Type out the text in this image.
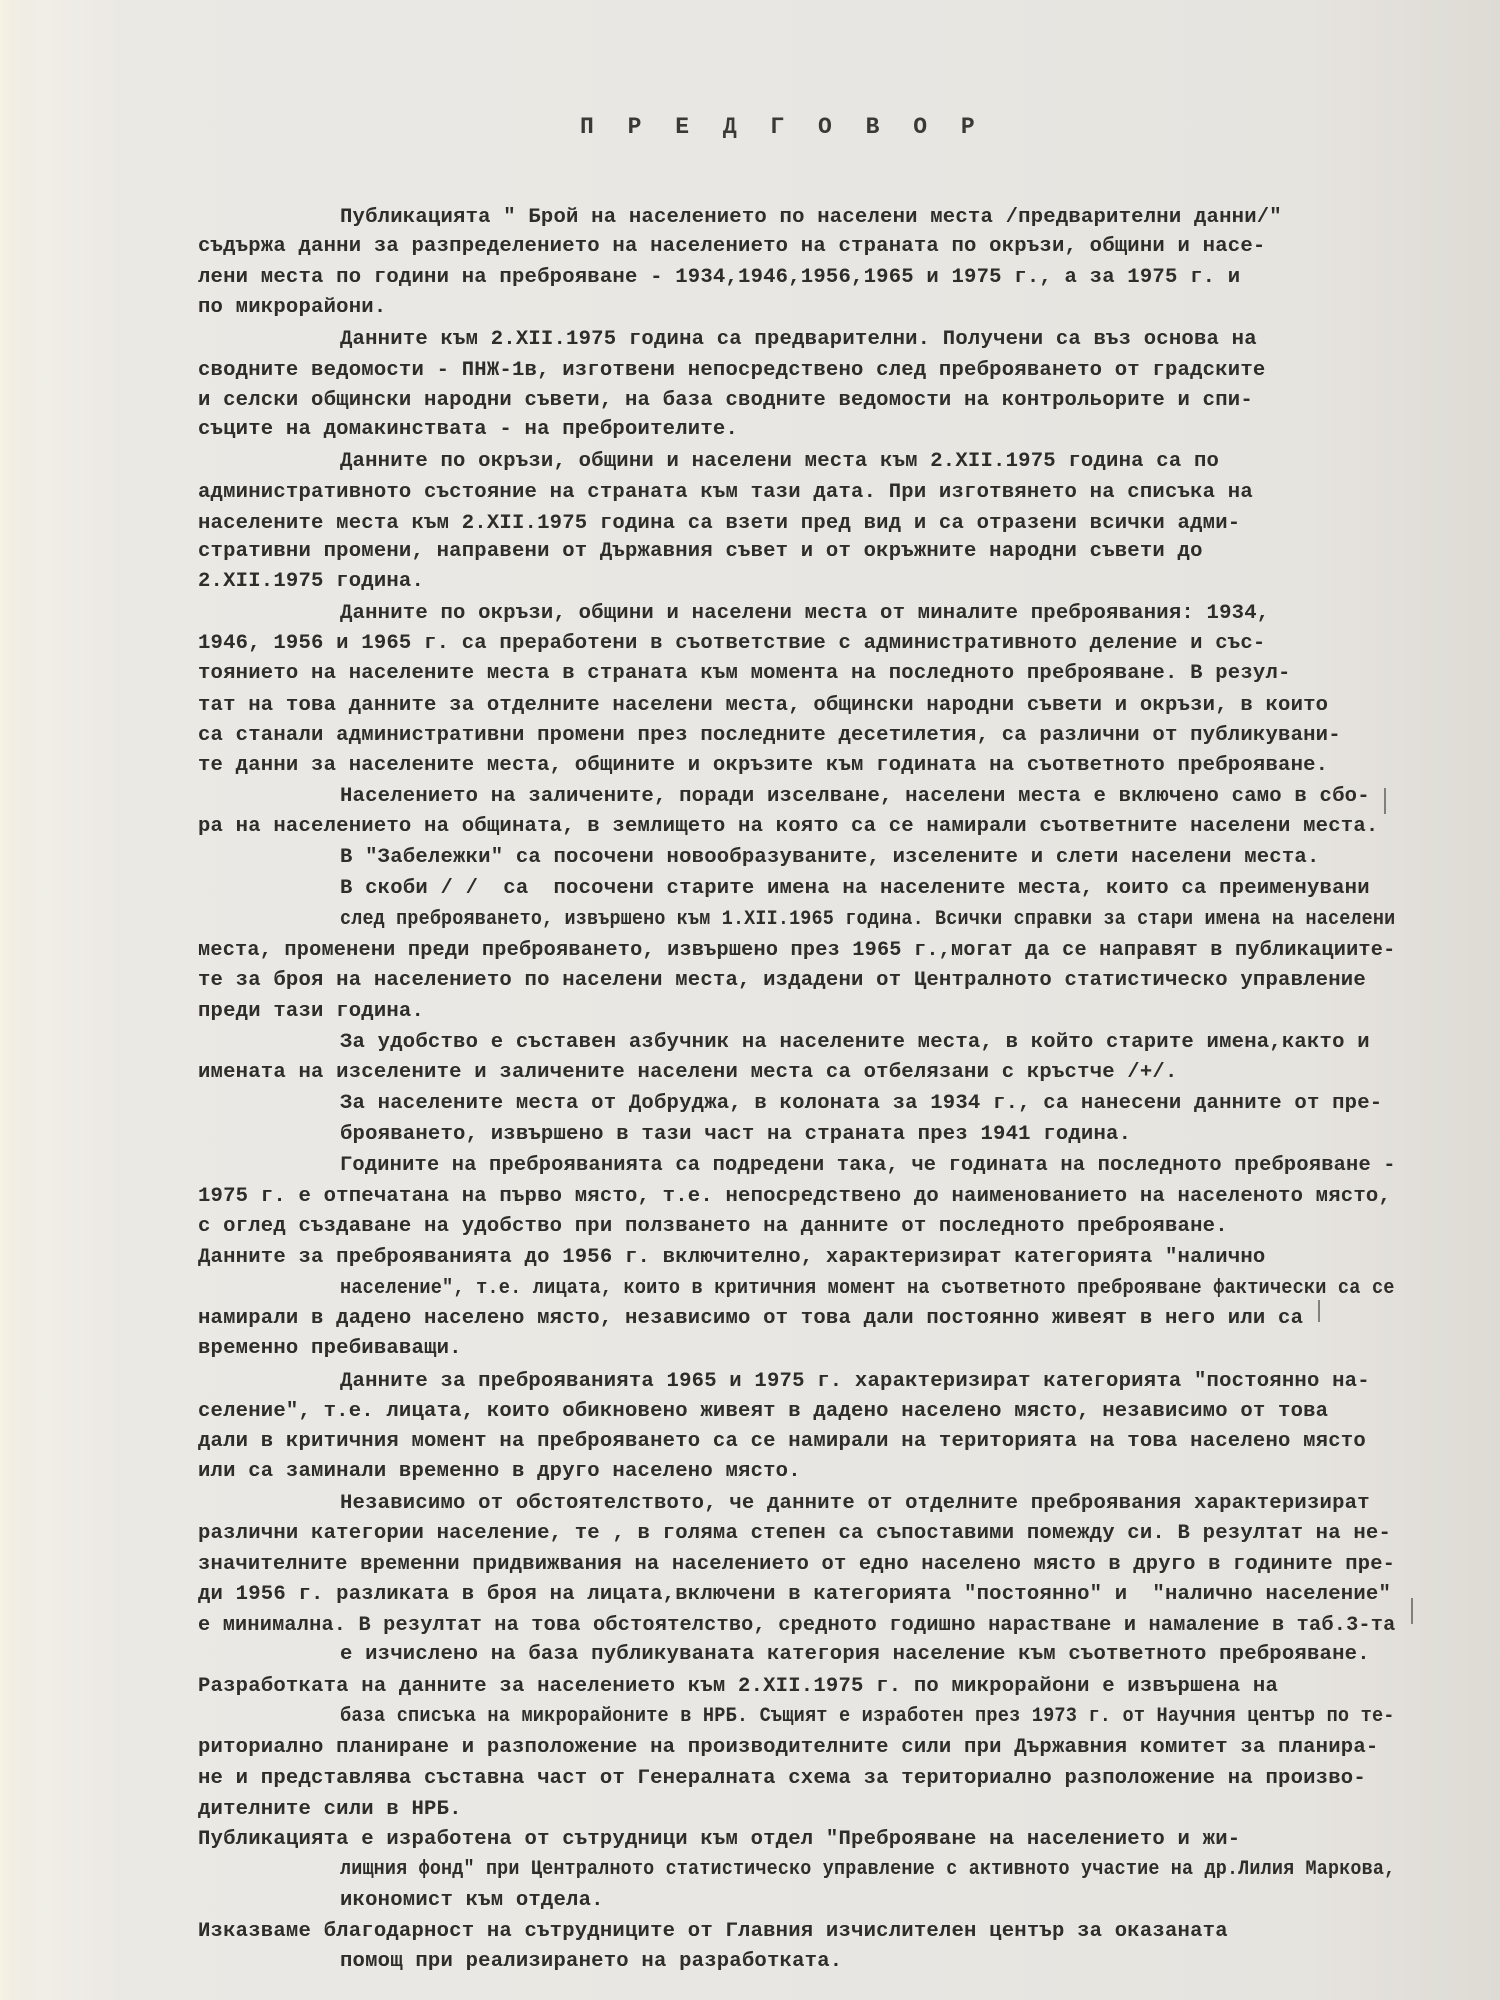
П Р Е Д Г О В О Р
Публикацията " Брой на населението по населени места /предварителни данни/"
съдържа данни за разпределението на населението на страната по окръзи, общини и насе-
лени места по години на преброяване - 1934,1946,1956,1965 и 1975 г., а за 1975 г. и
по микрорайони.
Данните към 2.XII.1975 година са предварителни. Получени са въз основа на
сводните ведомости - ПНЖ-1в, изготвени непосредствено след преброяването от градските
и селски общински народни съвети, на база сводните ведомости на контрольорите и спи-
съците на домакинствата - на преброителите.
Данните по окръзи, общини и населени места към 2.XII.1975 година са по
административното състояние на страната към тази дата. При изготвянето на списъка на
населените места към 2.XII.1975 година са взети пред вид и са отразени всички адми-
стративни промени, направени от Държавния съвет и от окръжните народни съвети до
2.XII.1975 година.
Данните по окръзи, общини и населени места от миналите преброявания: 1934,
1946, 1956 и 1965 г. са преработени в съответствие с административното деление и със-
тоянието на населените места в страната към момента на последното преброяване. В резул-
тат на това данните за отделните населени места, общински народни съвети и окръзи, в които
са станали административни промени през последните десетилетия, са различни от публикувани-
те данни за населените места, общините и окръзите към годината на съответното преброяване.
Населението на заличените, поради изселване, населени места е включено само в сбо-
ра на населението на общината, в землището на която са се намирали съответните населени места.
В "Забележки" са посочени новообразуваните, изселените и слети населени места.
В скоби / /  са  посочени старите имена на населените места, които са преименувани
след преброяването, извършено към 1.XII.1965 година. Всички справки за стари имена на населени
места, променени преди преброяването, извършено през 1965 г.,могат да се направят в публикациите-
те за броя на населението по населени места, издадени от Централното статистическо управление
преди тази година.
За удобство е съставен азбучник на населените места, в който старите имена,както и
имената на изселените и заличените населени места са отбелязани с кръстче /+/.
За населените места от Добруджа, в колоната за 1934 г., са нанесени данните от пре-
брояването, извършено в тази част на страната през 1941 година.
Годините на преброяванията са подредени така, че годината на последното преброяване -
1975 г. е отпечатана на първо място, т.е. непосредствено до наименованието на населеното място,
с оглед създаване на удобство при ползването на данните от последното преброяване.
Данните за преброяванията до 1956 г. включително, характеризират категорията "налично
население", т.е. лицата, които в критичния момент на съответното преброяване фактически са се
намирали в дадено населено място, независимо от това дали постоянно живеят в него или са
временно пребиваващи.
Данните за преброяванията 1965 и 1975 г. характеризират категорията "постоянно на-
селение", т.е. лицата, които обикновено живеят в дадено населено място, независимо от това
дали в критичния момент на преброяването са се намирали на територията на това населено място
или са заминали временно в друго населено място.
Независимо от обстоятелството, че данните от отделните преброявания характеризират
различни категории население, те , в голяма степен са съпоставими помежду си. В резултат на не-
значителните временни придвижвания на населението от едно населено място в друго в годините пре-
ди 1956 г. разликата в броя на лицата,включени в категорията "постоянно" и  "налично население"
е минимална. В резултат на това обстоятелство, средното годишно нарастване и намаление в таб.3-та
е изчислено на база публикуваната категория население към съответното преброяване.
Разработката на данните за населението към 2.XII.1975 г. по микрорайони е извършена на
база списъка на микрорайоните в НРБ. Същият е изработен през 1973 г. от Научния център по те-
риториално планиране и разположение на производителните сили при Държавния комитет за планира-
не и представлява съставна част от Генералната схема за териториално разположение на произво-
дителните сили в НРБ.
Публикацията е изработена от сътрудници към отдел "Преброяване на населението и жи-
лищния фонд" при Централното статистическо управление с активното участие на др.Лилия Маркова,
икономист към отдела.
Изказваме благодарност на сътрудниците от Главния изчислителен център за оказаната
помощ при реализирането на разработката.
